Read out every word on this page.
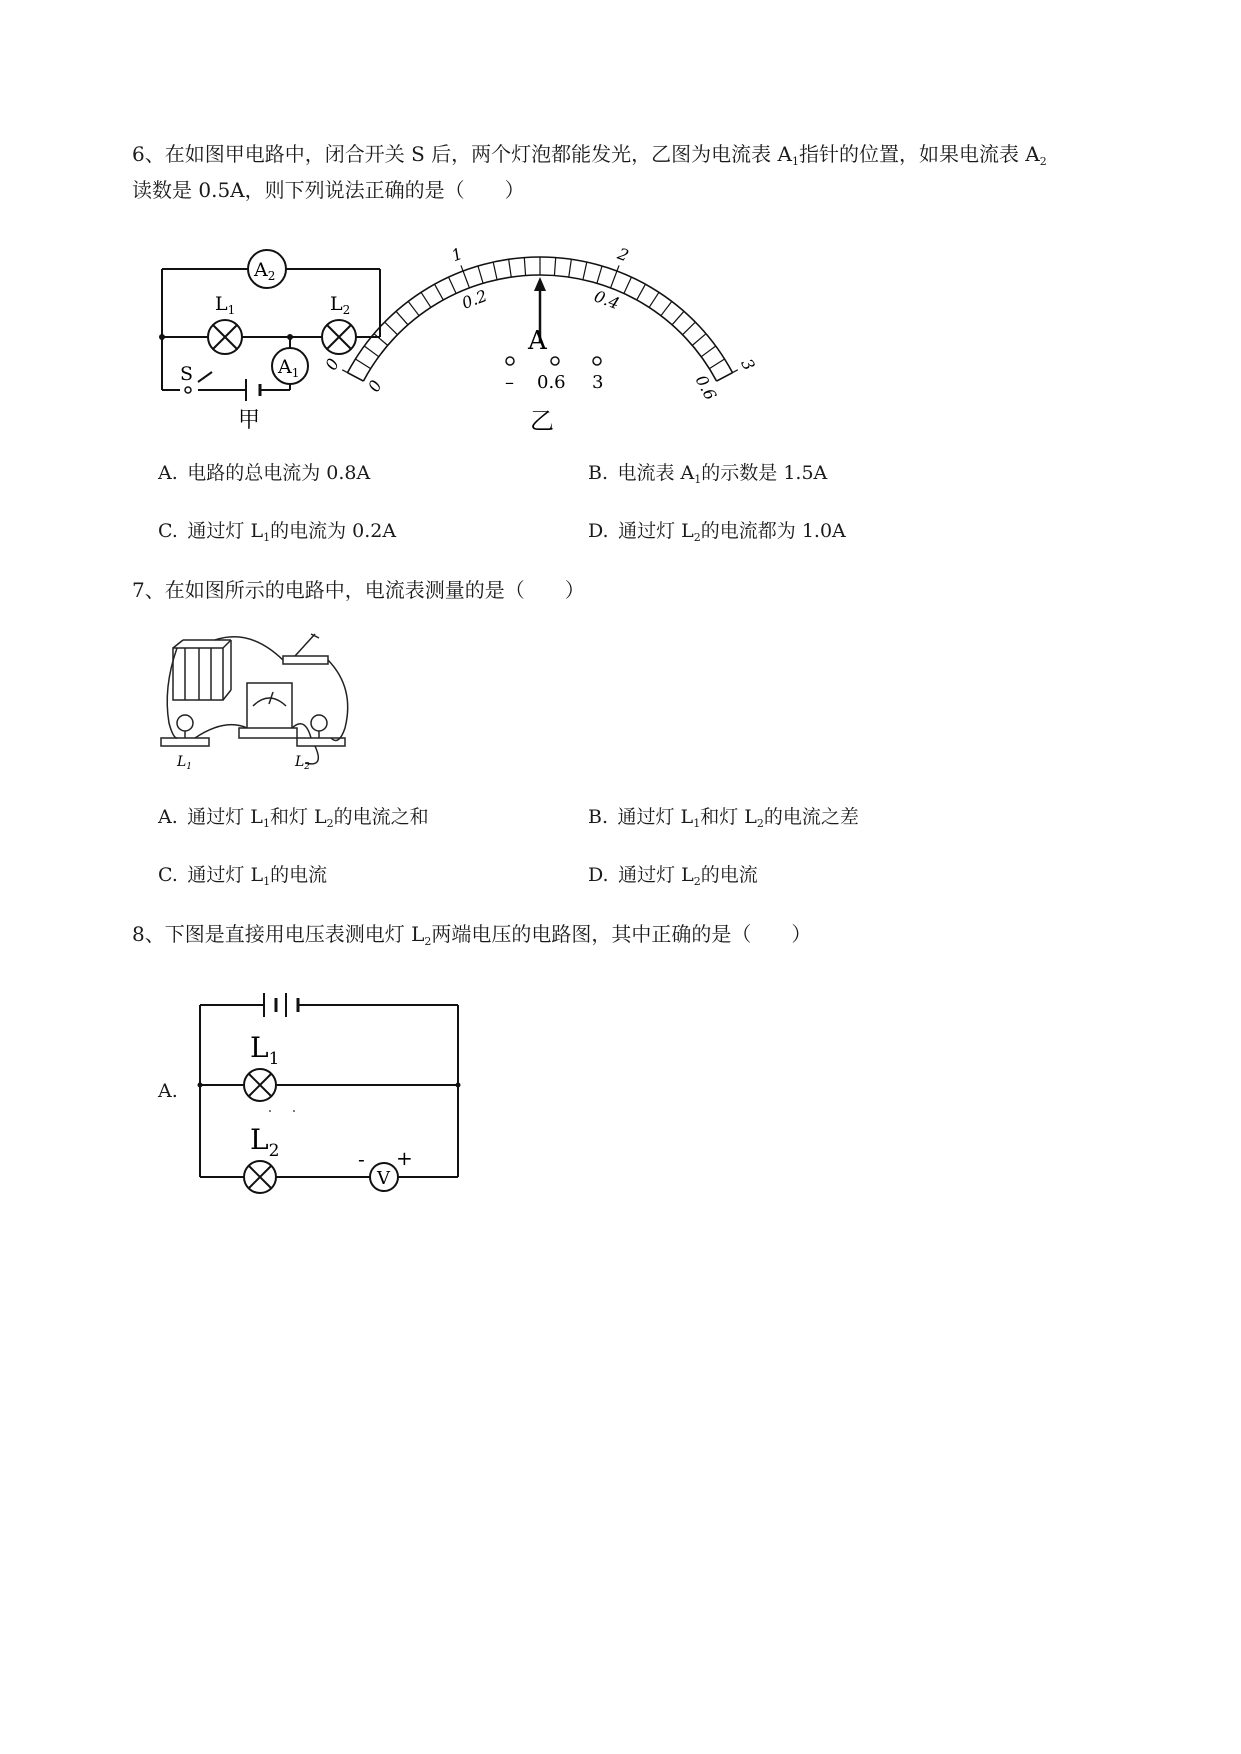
6、在如图甲电路中，闭合开关 S 后，两个灯泡都能发光，乙图为电流表 $A_1$指针的位置，如果电流表 $A_2$
读数是 0.5A，则下列说法正确的是（　　）
$A_2$
$L_1$	$L_2$
$A_1$
S
甲
0
1	2
3
0
0.2	0.4
0.6
A
– 0.6 3
乙
A.  电路的总电流为 0.8A	B.  电流表 $A_1$的示数是 1.5A
C.  通过灯 $L_1$的电流为 0.2A	D.  通过灯 $L_2$的电流都为 1.0A
7、在如图所示的电路中，电流表测量的是（　　）
$L_1$	$L_2$
A.  通过灯 $L_1$和灯 $L_2$的电流之和	B.  通过灯 $L_1$和灯 $L_2$的电流之差
C.  通过灯 $L_1$的电流	D.  通过灯 $L_2$的电流
8、下图是直接用电压表测电灯 $L_2$两端电压的电路图，其中正确的是（　　）
A.
$L_1$
$L_2$
V
- +
